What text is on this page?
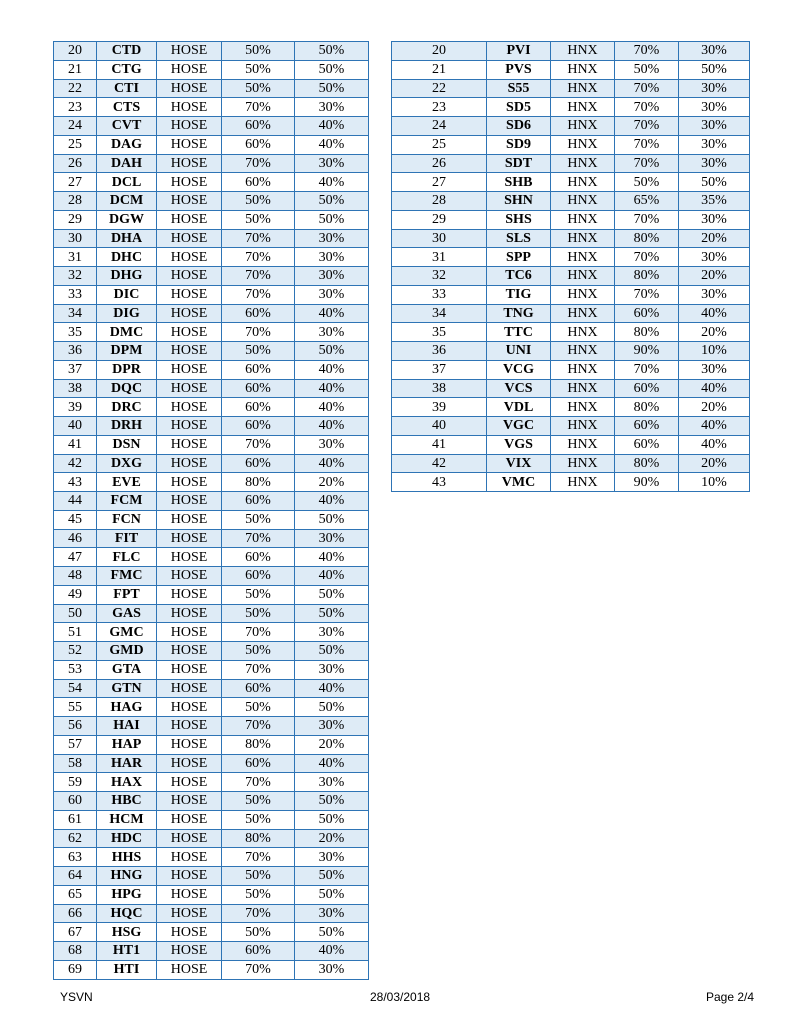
20	CTD	HOSE	50%	50%
21	CTG	HOSE	50%	50%
22	CTI	HOSE	50%	50%
23	CTS	HOSE	70%	30%
24	CVT	HOSE	60%	40%
25	DAG	HOSE	60%	40%
26	DAH	HOSE	70%	30%
27	DCL	HOSE	60%	40%
28	DCM	HOSE	50%	50%
29	DGW	HOSE	50%	50%
30	DHA	HOSE	70%	30%
31	DHC	HOSE	70%	30%
32	DHG	HOSE	70%	30%
33	DIC	HOSE	70%	30%
34	DIG	HOSE	60%	40%
35	DMC	HOSE	70%	30%
36	DPM	HOSE	50%	50%
37	DPR	HOSE	60%	40%
38	DQC	HOSE	60%	40%
39	DRC	HOSE	60%	40%
40	DRH	HOSE	60%	40%
41	DSN	HOSE	70%	30%
42	DXG	HOSE	60%	40%
43	EVE	HOSE	80%	20%
44	FCM	HOSE	60%	40%
45	FCN	HOSE	50%	50%
46	FIT	HOSE	70%	30%
47	FLC	HOSE	60%	40%
48	FMC	HOSE	60%	40%
49	FPT	HOSE	50%	50%
50	GAS	HOSE	50%	50%
51	GMC	HOSE	70%	30%
52	GMD	HOSE	50%	50%
53	GTA	HOSE	70%	30%
54	GTN	HOSE	60%	40%
55	HAG	HOSE	50%	50%
56	HAI	HOSE	70%	30%
57	HAP	HOSE	80%	20%
58	HAR	HOSE	60%	40%
59	HAX	HOSE	70%	30%
60	HBC	HOSE	50%	50%
61	HCM	HOSE	50%	50%
62	HDC	HOSE	80%	20%
63	HHS	HOSE	70%	30%
64	HNG	HOSE	50%	50%
65	HPG	HOSE	50%	50%
66	HQC	HOSE	70%	30%
67	HSG	HOSE	50%	50%
68	HT1	HOSE	60%	40%
69	HTI	HOSE	70%	30%
20	PVI	HNX	70%	30%
21	PVS	HNX	50%	50%
22	S55	HNX	70%	30%
23	SD5	HNX	70%	30%
24	SD6	HNX	70%	30%
25	SD9	HNX	70%	30%
26	SDT	HNX	70%	30%
27	SHB	HNX	50%	50%
28	SHN	HNX	65%	35%
29	SHS	HNX	70%	30%
30	SLS	HNX	80%	20%
31	SPP	HNX	70%	30%
32	TC6	HNX	80%	20%
33	TIG	HNX	70%	30%
34	TNG	HNX	60%	40%
35	TTC	HNX	80%	20%
36	UNI	HNX	90%	10%
37	VCG	HNX	70%	30%
38	VCS	HNX	60%	40%
39	VDL	HNX	80%	20%
40	VGC	HNX	60%	40%
41	VGS	HNX	60%	40%
42	VIX	HNX	80%	20%
43	VMC	HNX	90%	10%
YSVN	28/03/2018	Page 2/4
